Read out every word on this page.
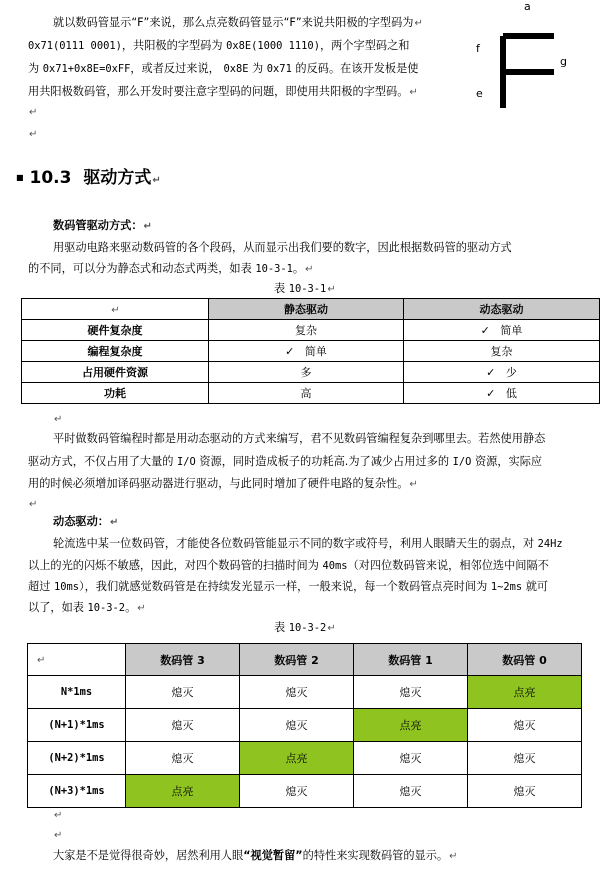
就以数码管显示“F”来说，那么点亮数码管显示“F”来说共阳极的字型码为↵
0x71(0111 0001)，共阳极的字型码为 0x8E(1000 1110)，两个字型码之和
为 0x71+0x8E=0xFF，或者反过来说， 0x8E 为 0x71 的反码。在该开发板是使
用共阳极数码管，那么开发时要注意字型码的问题，即使用共阳极的字型码。↵
↵
↵
a
f
g
e
■ 10.3 驱动方式↵
数码管驱动方式：↵
用驱动电路来驱动数码管的各个段码，从而显示出我们要的数字，因此根据数码管的驱动方式
的不同，可以分为静态式和动态式两类，如表 10-3-1。↵
表 10-3-1↵
↵	静态驱动	动态驱动
硬件复杂度	复杂	✓ 简单
编程复杂度	✓ 简单	复杂
占用硬件资源	多	✓ 少
功耗	高	✓ 低
↵
平时做数码管编程时都是用动态驱动的方式来编写，君不见数码管编程复杂到哪里去。若然使用静态
驱动方式，不仅占用了大量的 I/O 资源，同时造成板子的功耗高.为了减少占用过多的 I/O 资源，实际应
用的时候必须增加译码驱动器进行驱动，与此同时增加了硬件电路的复杂性。↵
↵
动态驱动：↵
轮流选中某一位数码管，才能使各位数码管能显示不同的数字或符号，利用人眼睛天生的弱点，对 24Hz
以上的光的闪烁不敏感，因此，对四个数码管的扫描时间为 40ms（对四位数码管来说，相邻位选中间隔不
超过 10ms），我们就感觉数码管是在持续发光显示一样，一般来说，每一个数码管点亮时间为 1~2ms 就可
以了，如表 10-3-2。↵
表 10-3-2↵
↵	数码管 3	数码管 2	数码管 1	数码管 0
N*1ms	熄灭	熄灭	熄灭	点亮
(N+1)*1ms	熄灭	熄灭	点亮	熄灭
(N+2)*1ms	熄灭	点亮	熄灭	熄灭
(N+3)*1ms	点亮	熄灭	熄灭	熄灭
↵
↵
大家是不是觉得很奇妙，居然利用人眼“视觉暂留”的特性来实现数码管的显示。↵
